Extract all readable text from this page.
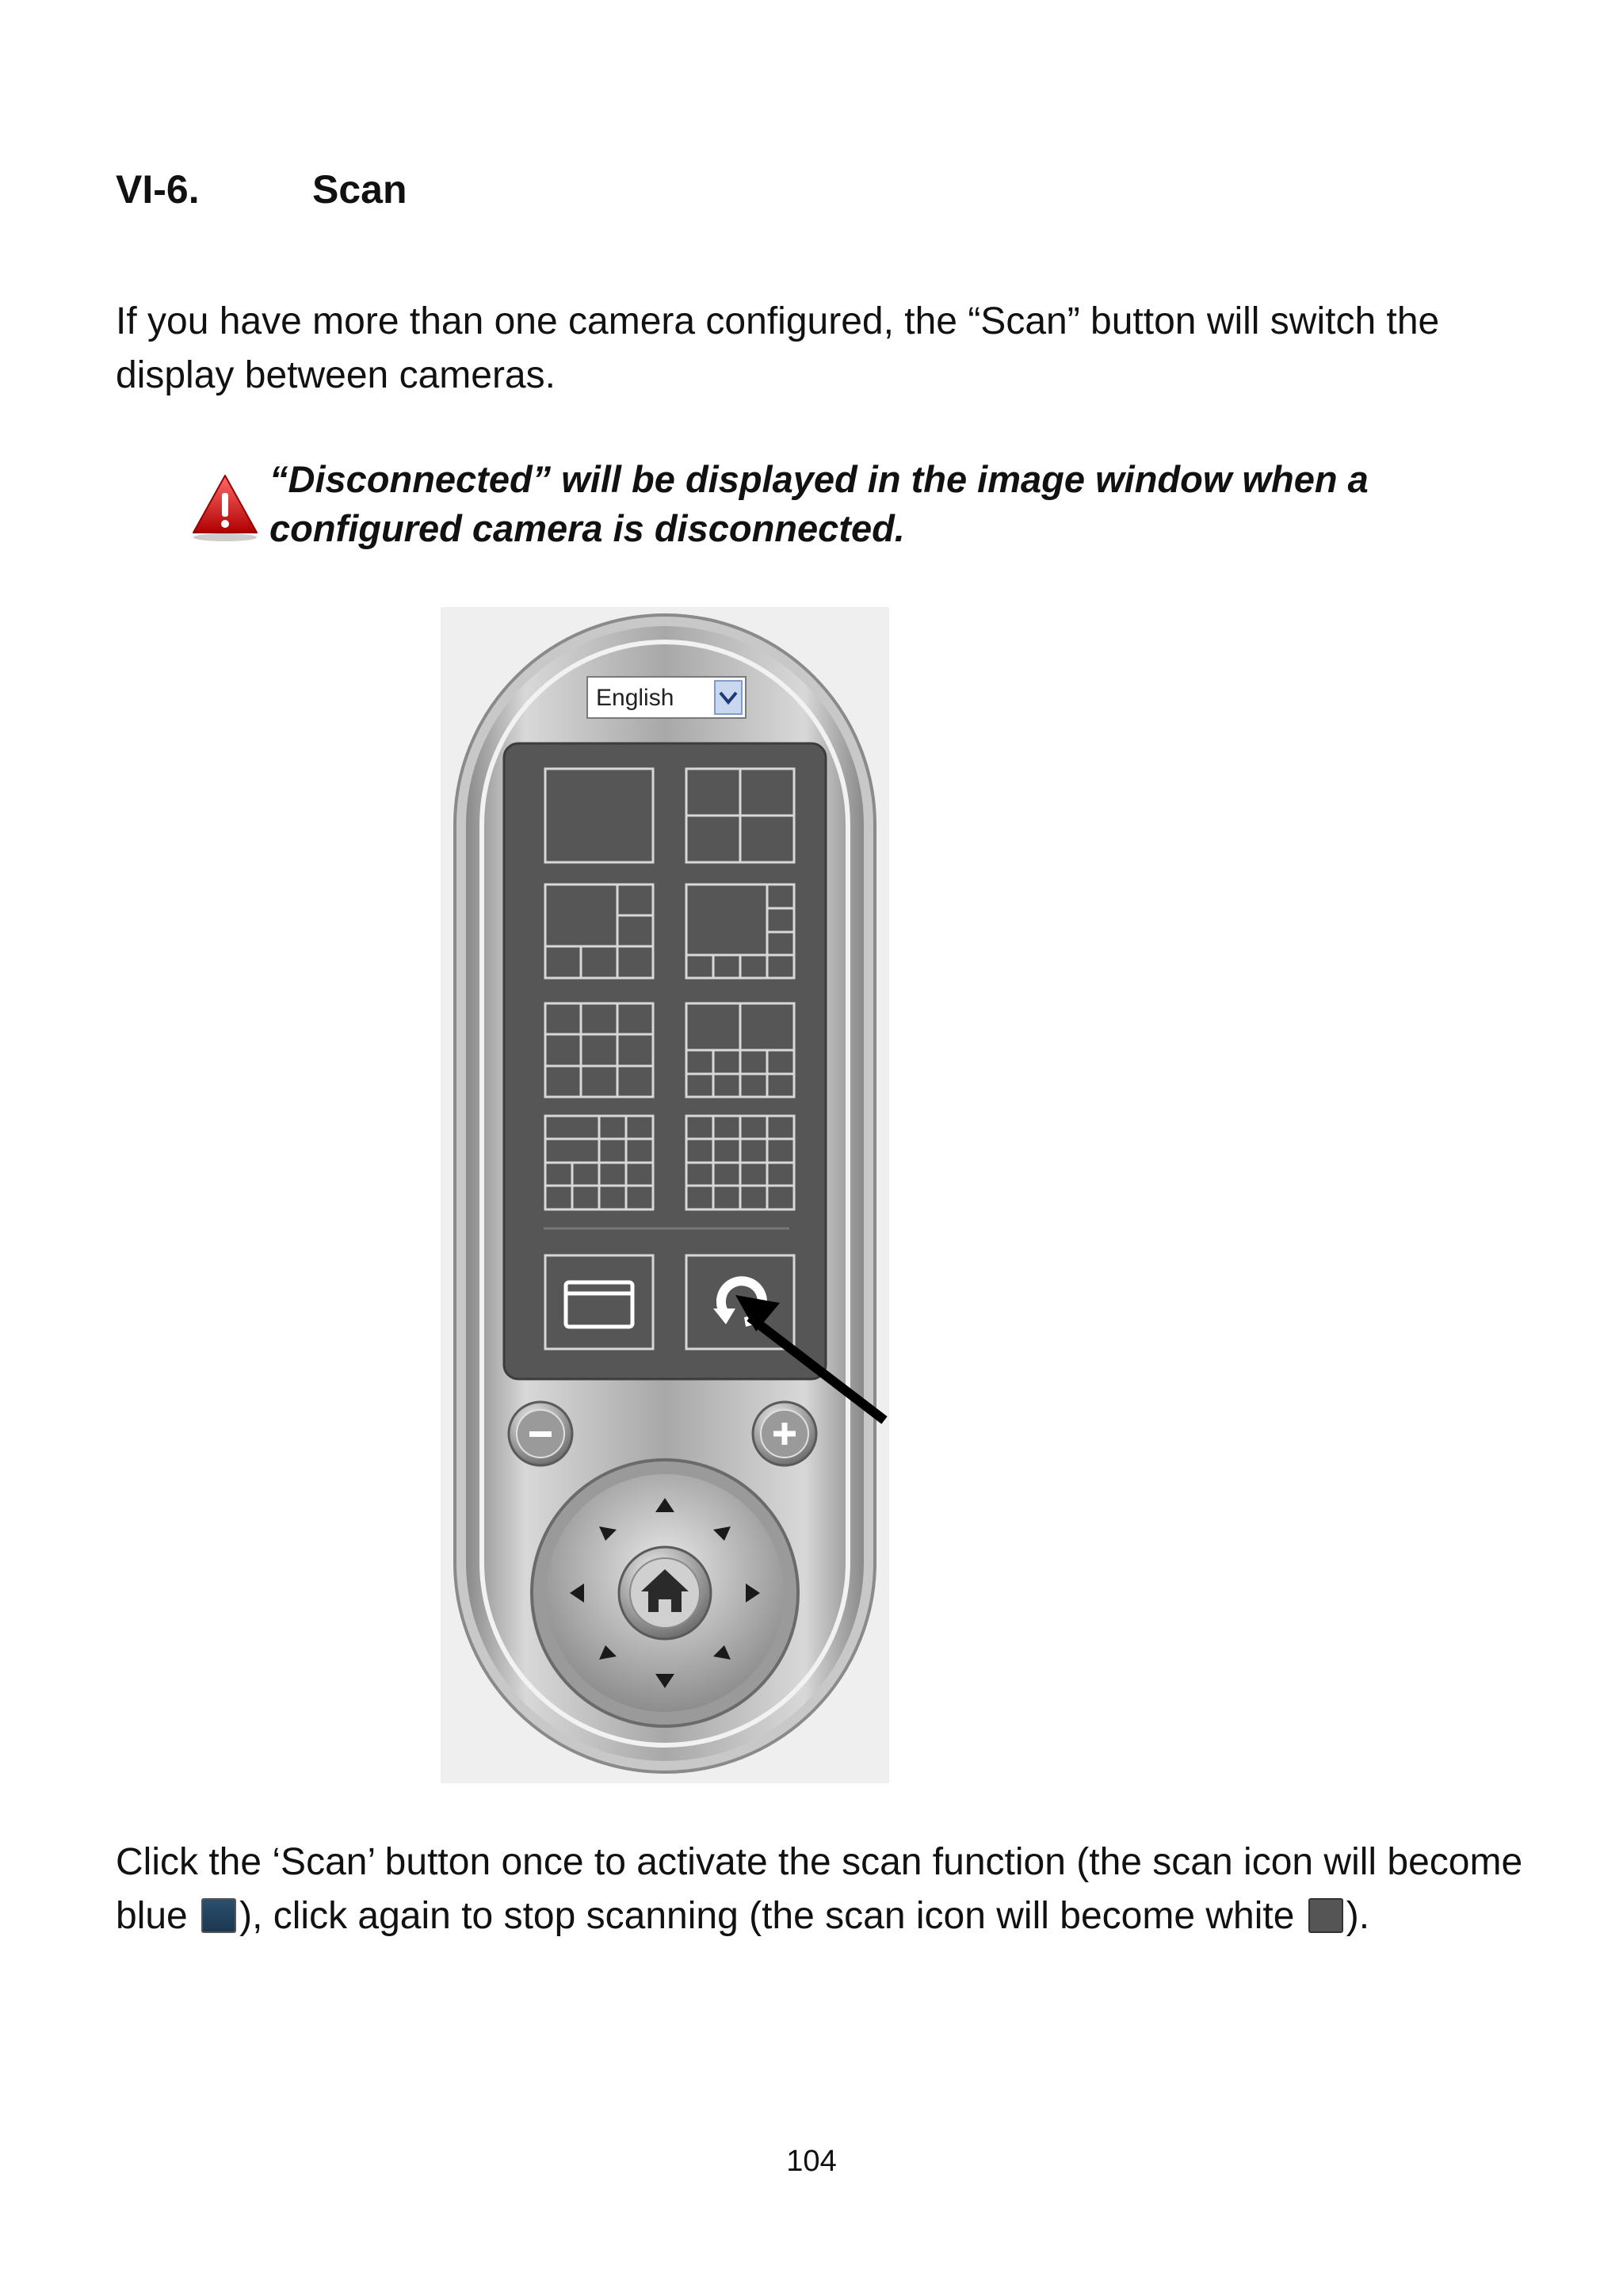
VI-6.	Scan
If you have more than one camera configured, the “Scan” button will switch the display between cameras.
“Disconnected” will be displayed in the image window when a configured camera is disconnected.
English
Click the ‘Scan’ button once to activate the scan function (the scan icon will become blue ), click again to stop scanning (the scan icon will become white ).
104
